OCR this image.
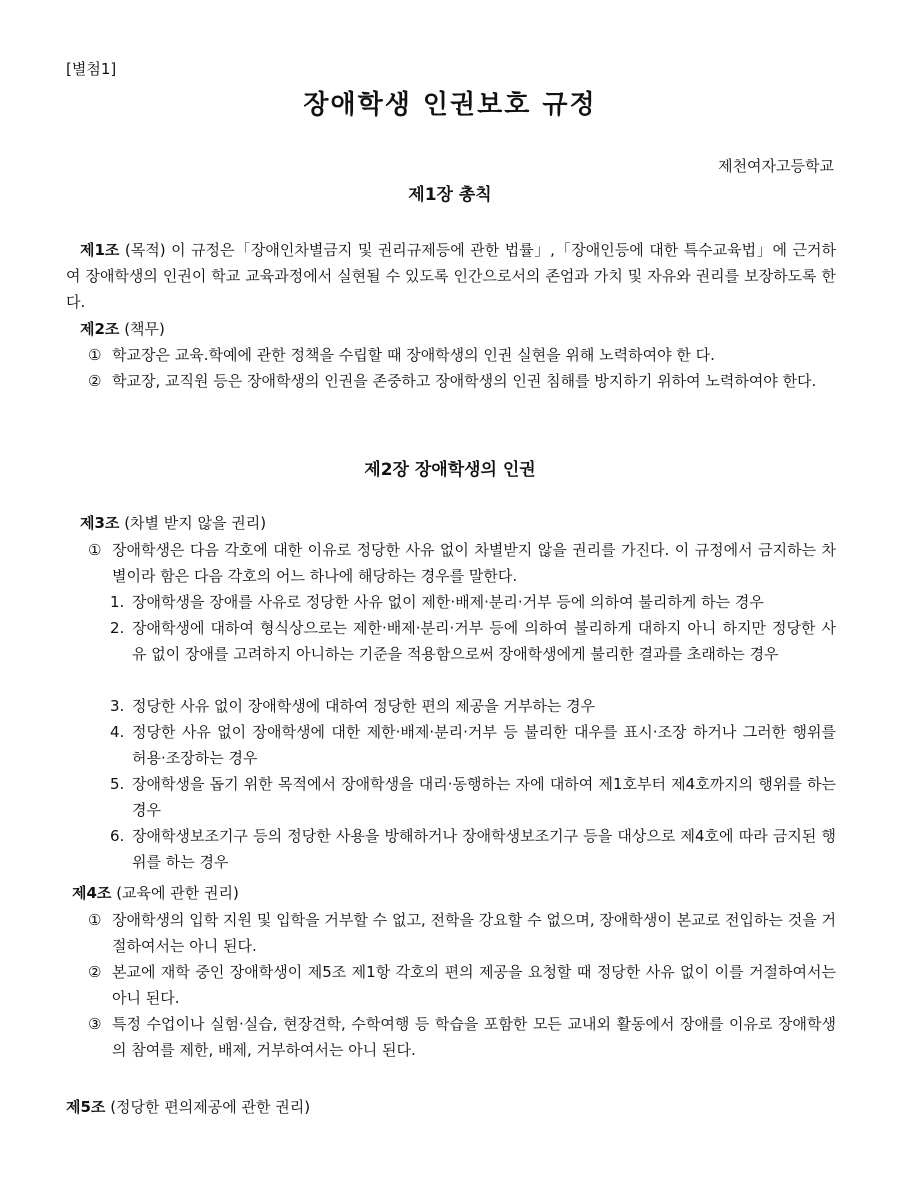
[별첨1]
장애학생 인권보호 규정
제천여자고등학교
제1장 총칙
제1조 (목적) 이 규정은「장애인차별금지 및 권리규제등에 관한 법률」,「장애인등에 대한 특수교육법」에 근거하여 장애학생의 인권이 학교 교육과정에서 실현될 수 있도록 인간으로서의 존엄과 가치 및 자유와 권리를 보장하도록 한다.
제2조 (책무)
① 학교장은 교육.학예에 관한 정책을 수립할 때 장애학생의 인권 실현을 위해 노력하여야 한 다.
② 학교장, 교직원 등은 장애학생의 인권을 존중하고 장애학생의 인권 침해를 방지하기 위하여 노력하여야 한다.
제2장 장애학생의 인권
제3조 (차별 받지 않을 권리)
① 장애학생은 다음 각호에 대한 이유로 정당한 사유 없이 차별받지 않을 권리를 가진다. 이 규정에서 금지하는 차별이라 함은 다음 각호의 어느 하나에 해당하는 경우를 말한다.
1. 장애학생을 장애를 사유로 정당한 사유 없이 제한·배제·분리·거부 등에 의하여 불리하게 하는 경우
2. 장애학생에 대하여 형식상으로는 제한·배제·분리·거부 등에 의하여 불리하게 대하지 아니 하지만 정당한 사유 없이 장애를 고려하지 아니하는 기준을 적용함으로써 장애학생에게 불리한 결과를 초래하는 경우
3. 정당한 사유 없이 장애학생에 대하여 정당한 편의 제공을 거부하는 경우
4. 정당한 사유 없이 장애학생에 대한 제한·배제·분리·거부 등 불리한 대우를 표시·조장 하거나 그러한 행위를 허용·조장하는 경우
5. 장애학생을 돕기 위한 목적에서 장애학생을 대리·동행하는 자에 대하여 제1호부터 제4호까지의 행위를 하는 경우
6. 장애학생보조기구 등의 정당한 사용을 방해하거나 장애학생보조기구 등을 대상으로 제4호에 따라 금지된 행위를 하는 경우
제4조 (교육에 관한 권리)
① 장애학생의 입학 지원 및 입학을 거부할 수 없고, 전학을 강요할 수 없으며, 장애학생이 본교로 전입하는 것을 거절하여서는 아니 된다.
② 본교에 재학 중인 장애학생이 제5조 제1항 각호의 편의 제공을 요청할 때 정당한 사유 없이 이를 거절하여서는 아니 된다.
③ 특정 수업이나 실험·실습, 현장견학, 수학여행 등 학습을 포함한 모든 교내외 활동에서 장애를 이유로 장애학생의 참여를 제한, 배제, 거부하여서는 아니 된다.
제5조 (정당한 편의제공에 관한 권리)
